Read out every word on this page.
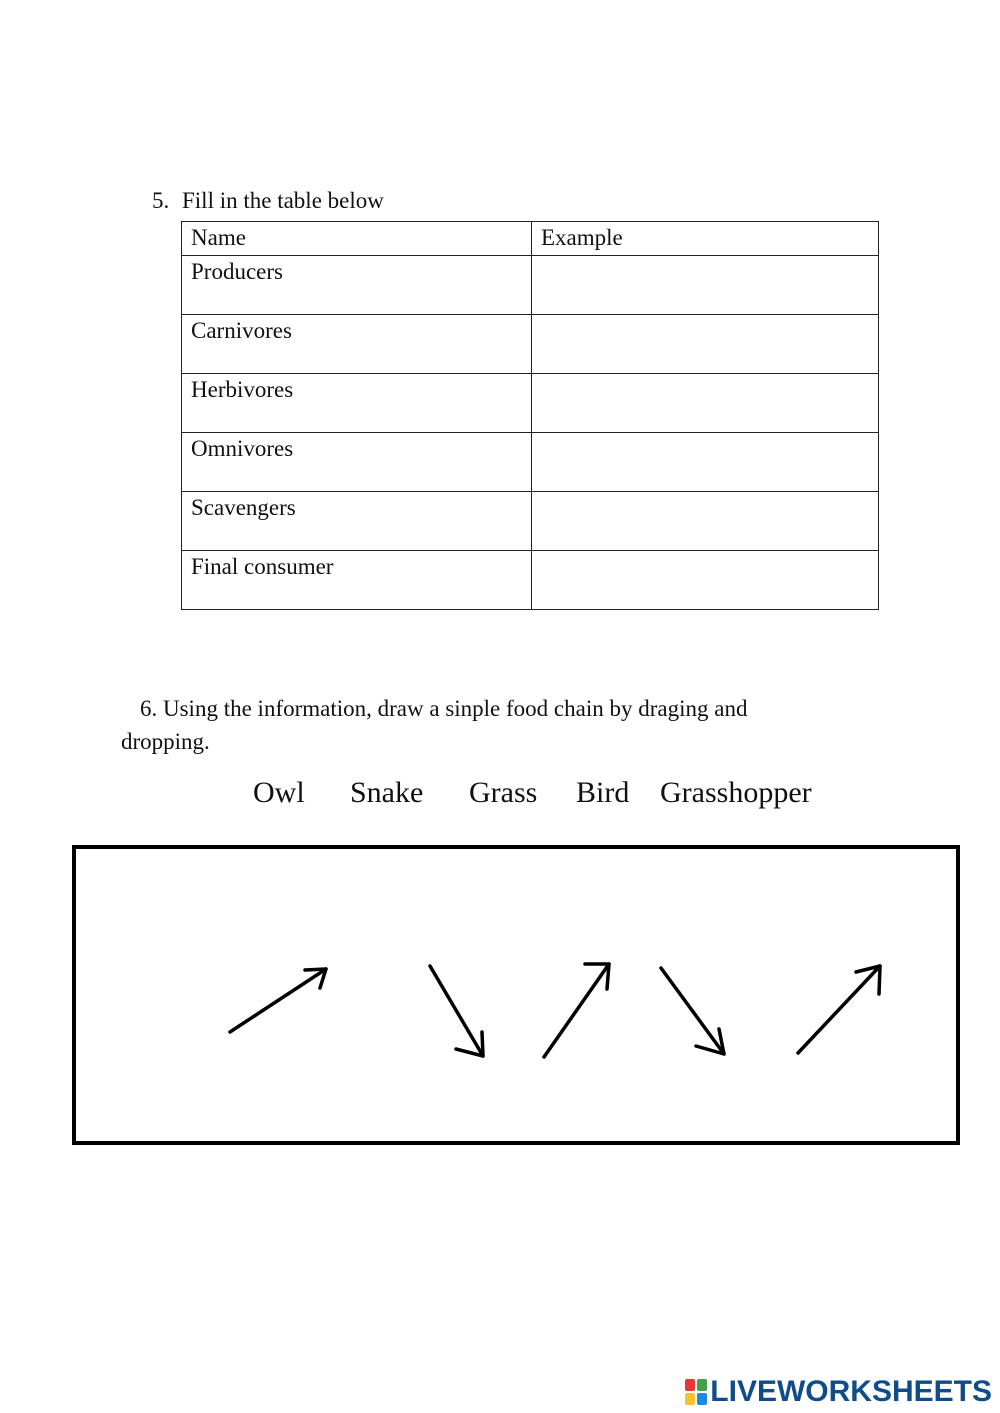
5. Fill in the table below
Name	Example
Producers	
Carnivores	
Herbivores	
Omnivores	
Scavengers	
Final consumer	
6. Using the information, draw a sinple food chain by draging and
dropping.
Owl Snake Grass Bird Grasshopper
LIVEWORKSHEETS
